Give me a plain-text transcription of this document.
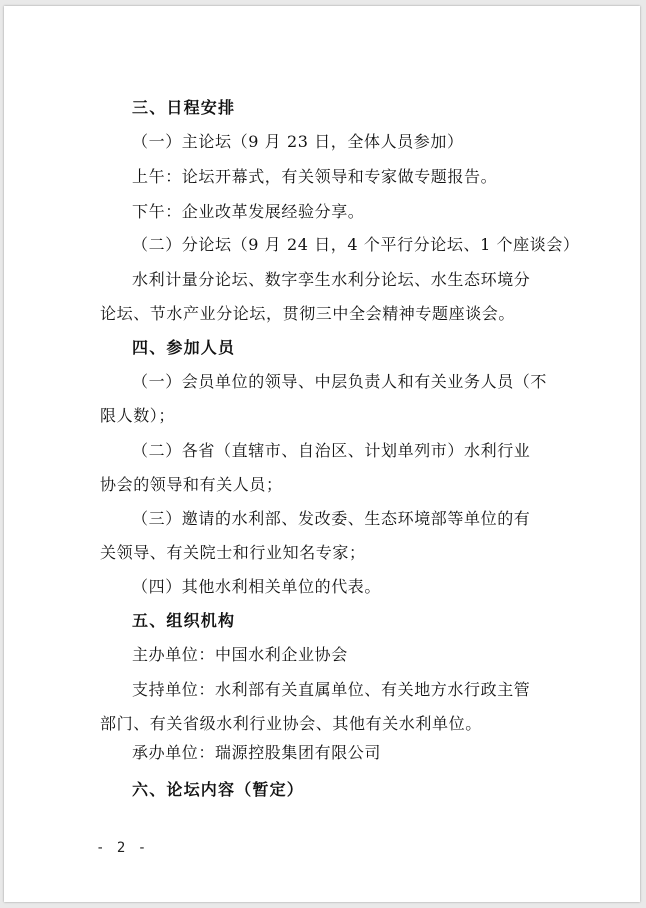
三、日程安排
（一）主论坛（9 月 23 日，全体人员参加）
上午：论坛开幕式，有关领导和专家做专题报告。
下午：企业改革发展经验分享。
（二）分论坛（9 月 24 日，4 个平行分论坛、1 个座谈会）
水利计量分论坛、数字孪生水利分论坛、水生态环境分
论坛、节水产业分论坛，贯彻三中全会精神专题座谈会。
四、参加人员
（一）会员单位的领导、中层负责人和有关业务人员（不
限人数）；
（二）各省（直辖市、自治区、计划单列市）水利行业
协会的领导和有关人员；
（三）邀请的水利部、发改委、生态环境部等单位的有
关领导、有关院士和行业知名专家；
（四）其他水利相关单位的代表。
五、组织机构
主办单位：中国水利企业协会
支持单位：水利部有关直属单位、有关地方水行政主管
部门、有关省级水利行业协会、其他有关水利单位。
承办单位：瑞源控股集团有限公司
六、论坛内容（暂定）
- 2 -
